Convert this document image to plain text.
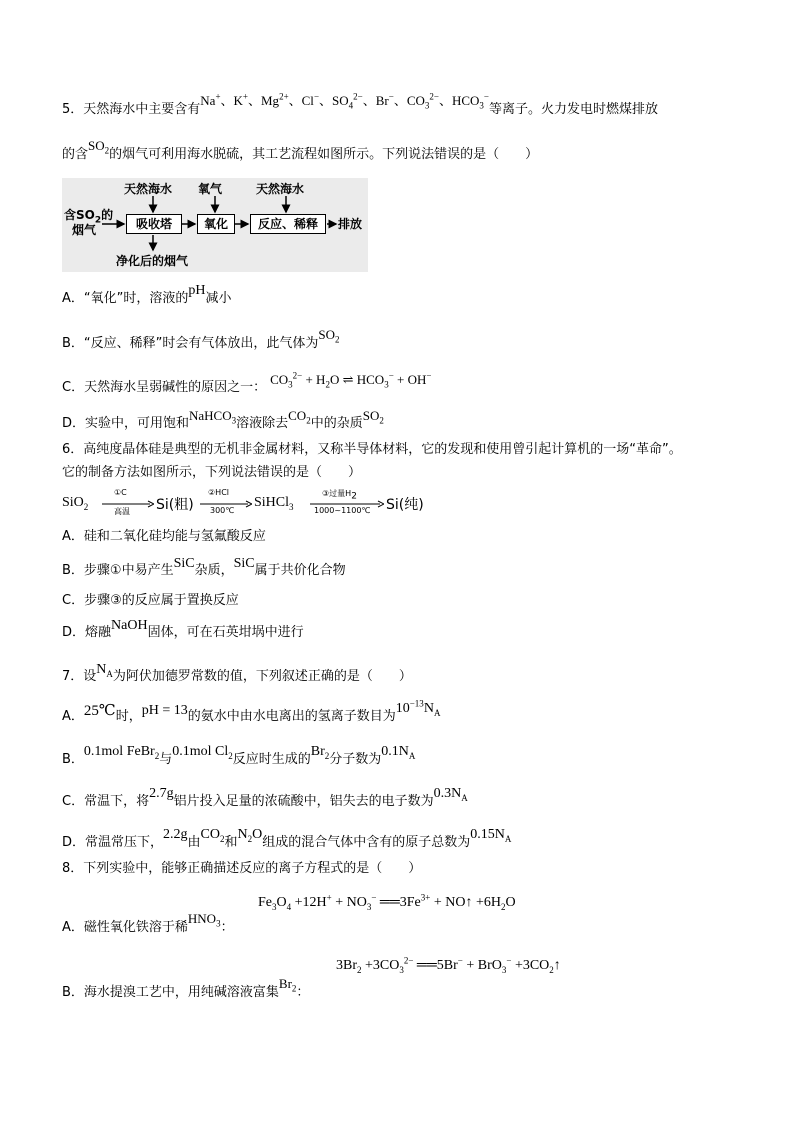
5．天然海水中主要含有Na+、K+、$Mg^{2+}$、Cl−、$SO_4^{2-}$、Br−、$CO_3^{2-}$、$HCO_3^-$等离子。火力发电时燃煤排放
的含$SO_2$的烟气可利用海水脱硫，其工艺流程如图所示。下列说法错误的是（　　）
含$SO_2$的
烟气
天然海水 氧气	天然海水
吸收塔	氧化	反应、稀释	排放
净化后的烟气
A．“氧化”时，溶液的pH减小
B．“反应、稀释”时会有气体放出，此气体为$SO_2$
C．天然海水呈弱碱性的原因之一：$CO_3^{2-} + H_2O$ ⇌ $HCO_3^- + OH^-$
D．实验中，可用饱和NaHCO$_3$溶液除去$CO_2$中的杂质$SO_2$
6．高纯度晶体硅是典型的无机非金属材料，又称半导体材料，它的发现和使用曾引起计算机的一场“革命”。
它的制备方法如图所示，下列说法错误的是（　　）
SiO$_2$
①C
高温 Si(粗)
②HCl
300℃
SiHCl$_3$
③过量$H_2$
1000~1100℃ Si(纯)
A．硅和二氧化硅均能与氢氟酸反应
B．步骤①中易产生SiC杂质，SiC属于共价化合物
C．步骤③的反应属于置换反应
D．熔融NaOH固体，可在石英坩埚中进行
7．设$N_A$为阿伏加德罗常数的值，下列叙述正确的是（　　）
A．25℃时，pH = 13的氨水中由水电离出的氢离子数目为$10^{-13}N_A$
B．0.1mol FeBr$_2$与0.1mol $Cl_2$反应时生成的$Br_2$分子数为$0.1N_A$
C．常温下，将2.7g铝片投入足量的浓硫酸中，铝失去的电子数为$0.3N_A$
D．常温常压下，2.2g由$CO_2$和$N_2O$组成的混合气体中含有的原子总数为$0.15N_A$
8．下列实验中，能够正确描述反应的离子方程式的是（　　）
$Fe_3O_4 +12H^+ + NO_3^-$ $══3Fe^{3+}$ + NO↑ $+6H_2O$
A．磁性氧化铁溶于稀$HNO_3$：
$3Br_2 +3CO_3^{2-}$ ══5Br− + $BrO_3^- +3CO_2↑$
B．海水提溴工艺中，用纯碱溶液富集$Br_2$：
